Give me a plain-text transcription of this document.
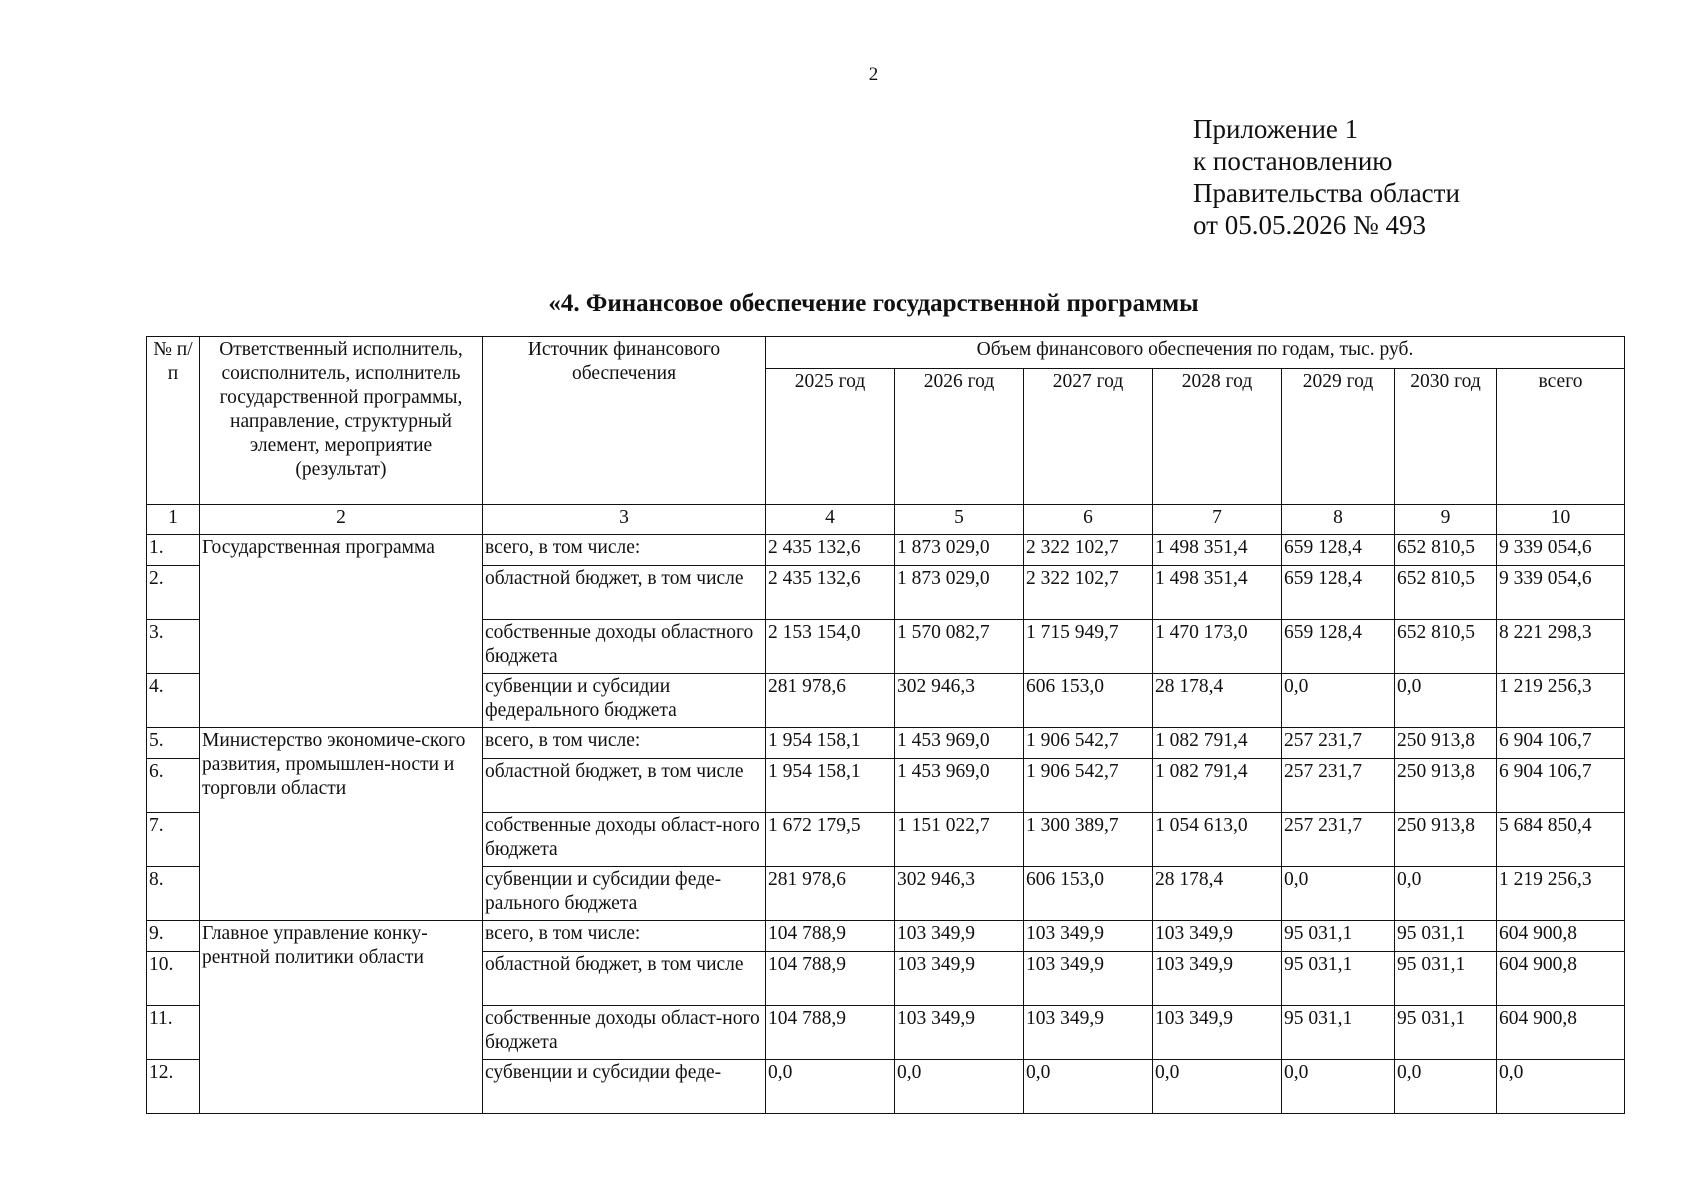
2
Приложение 1
к постановлению
Правительства области
от 05.05.2026 № 493
«4. Финансовое обеспечение государственной программы
№ п/п	Ответственный исполнитель, соисполнитель, исполнитель государственной программы, направление, структурный элемент, мероприятие (результат)	Источник финансового обеспечения	Объем финансового обеспечения по годам, тыс. руб.						
			2025 год	2026 год	2027 год	2028 год	2029 год	2030 год	всего
1	2	3	4	5	6	7	8	9	10
1.	Государственная программа	всего, в том числе:	2 435 132,6	1 873 029,0	2 322 102,7	1 498 351,4	659 128,4	652 810,5	9 339 054,6
2.		областной бюджет, в том числе	2 435 132,6	1 873 029,0	2 322 102,7	1 498 351,4	659 128,4	652 810,5	9 339 054,6
3.		собственные доходы областного бюджета	2 153 154,0	1 570 082,7	1 715 949,7	1 470 173,0	659 128,4	652 810,5	8 221 298,3
4.		субвенции и субсидии федерального бюджета	281 978,6	302 946,3	606 153,0	28 178,4	0,0	0,0	1 219 256,3
5.	Министерство экономиче-ского развития, промышлен-ности и торговли области	всего, в том числе:	1 954 158,1	1 453 969,0	1 906 542,7	1 082 791,4	257 231,7	250 913,8	6 904 106,7
6.		областной бюджет, в том числе	1 954 158,1	1 453 969,0	1 906 542,7	1 082 791,4	257 231,7	250 913,8	6 904 106,7
7.		собственные доходы област-ного бюджета	1 672 179,5	1 151 022,7	1 300 389,7	1 054 613,0	257 231,7	250 913,8	5 684 850,4
8.		субвенции и субсидии феде-рального бюджета	281 978,6	302 946,3	606 153,0	28 178,4	0,0	0,0	1 219 256,3
9.	Главное управление конку-рентной политики области	всего, в том числе:	104 788,9	103 349,9	103 349,9	103 349,9	95 031,1	95 031,1	604 900,8
10.		областной бюджет, в том числе	104 788,9	103 349,9	103 349,9	103 349,9	95 031,1	95 031,1	604 900,8
11.		собственные доходы област-ного бюджета	104 788,9	103 349,9	103 349,9	103 349,9	95 031,1	95 031,1	604 900,8
12.		субвенции и субсидии феде-	0,0	0,0	0,0	0,0	0,0	0,0	0,0
